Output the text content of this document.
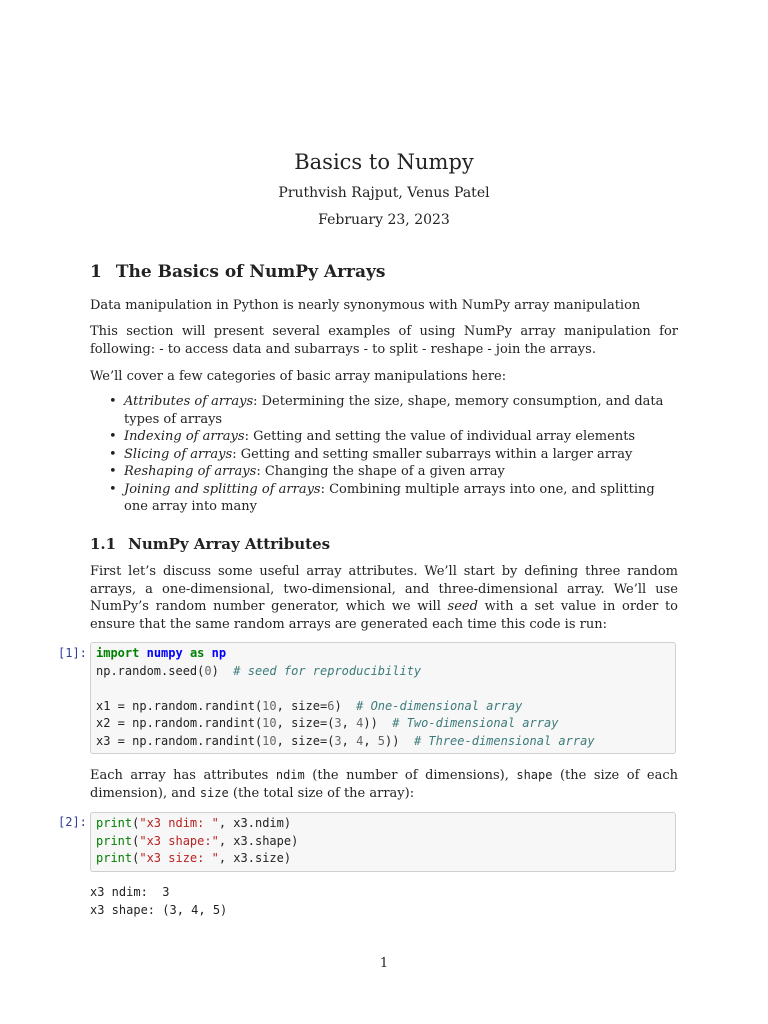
Basics to Numpy
Pruthvish Rajput, Venus Patel
February 23, 2023
1 The Basics of NumPy Arrays
Data manipulation in Python is nearly synonymous with NumPy array manipulation
This section will present several examples of using NumPy array manipulation for following: - to access data and subarrays - to split - reshape - join the arrays.
We’ll cover a few categories of basic array manipulations here:
• Attributes of arrays: Determining the size, shape, memory consumption, and data types of arrays
• Indexing of arrays: Getting and setting the value of individual array elements
• Slicing of arrays: Getting and setting smaller subarrays within a larger array
• Reshaping of arrays: Changing the shape of a given array
• Joining and splitting of arrays: Combining multiple arrays into one, and splitting one array into many
1.1 NumPy Array Attributes
First let’s discuss some useful array attributes. We’ll start by defining three random arrays, a one-dimensional, two-dimensional, and three-dimensional array. We’ll use NumPy’s random number generator, which we will seed with a set value in order to ensure that the same random arrays are generated each time this code is run:
[1]: import numpy as np
np.random.seed(0)  # seed for reproducibility

x1 = np.random.randint(10, size=6)  # One-dimensional array
x2 = np.random.randint(10, size=(3, 4))  # Two-dimensional array
x3 = np.random.randint(10, size=(3, 4, 5))  # Three-dimensional array
Each array has attributes ndim (the number of dimensions), shape (the size of each dimension), and size (the total size of the array):
[2]: print("x3 ndim: ", x3.ndim)
print("x3 shape:", x3.shape)
print("x3 size: ", x3.size)
x3 ndim:  3
x3 shape: (3, 4, 5)
1
